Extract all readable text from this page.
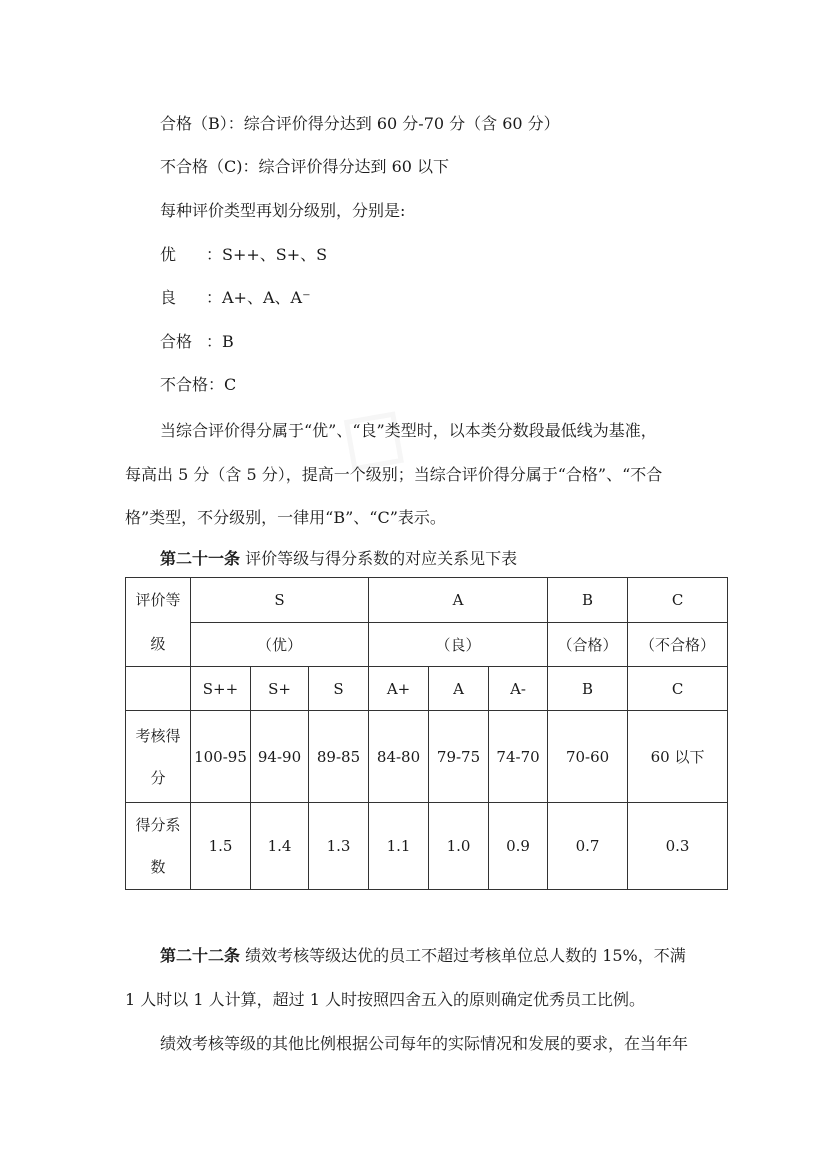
合格（B）：综合评价得分达到 60 分-70 分（含 60 分）
不合格（C)：综合评价得分达到 60 以下
每种评价类型再划分级别，分别是:
优 ：S++、S+、S
良 ：A+、A、A⁻
合格 ：B
不合格：C
当综合评价得分属于“优”、“良”类型时，以本类分数段最低线为基准，
每高出 5 分（含 5 分），提高一个级别；当综合评价得分属于“合格”、“不合
格”类型，不分级别，一律用“B”、“C”表示。
第二十一条 评价等级与得分系数的对应关系见下表
评价等
级	S			A			B	C
	（优）			（良）			（合格）	（不合格）
	S++	S+	S	A+	A	A-	B	C

考核得
分	100-95	94-90	89-85	84-80	79-75	74-70	70-60	60 以下

得分系
数	1.5	1.4	1.3	1.1	1.0	0.9	0.7	0.3
第二十二条 绩效考核等级达优的员工不超过考核单位总人数的 15%，不满
1 人时以 1 人计算，超过 1 人时按照四舍五入的原则确定优秀员工比例。
绩效考核等级的其他比例根据公司每年的实际情况和发展的要求，在当年年
